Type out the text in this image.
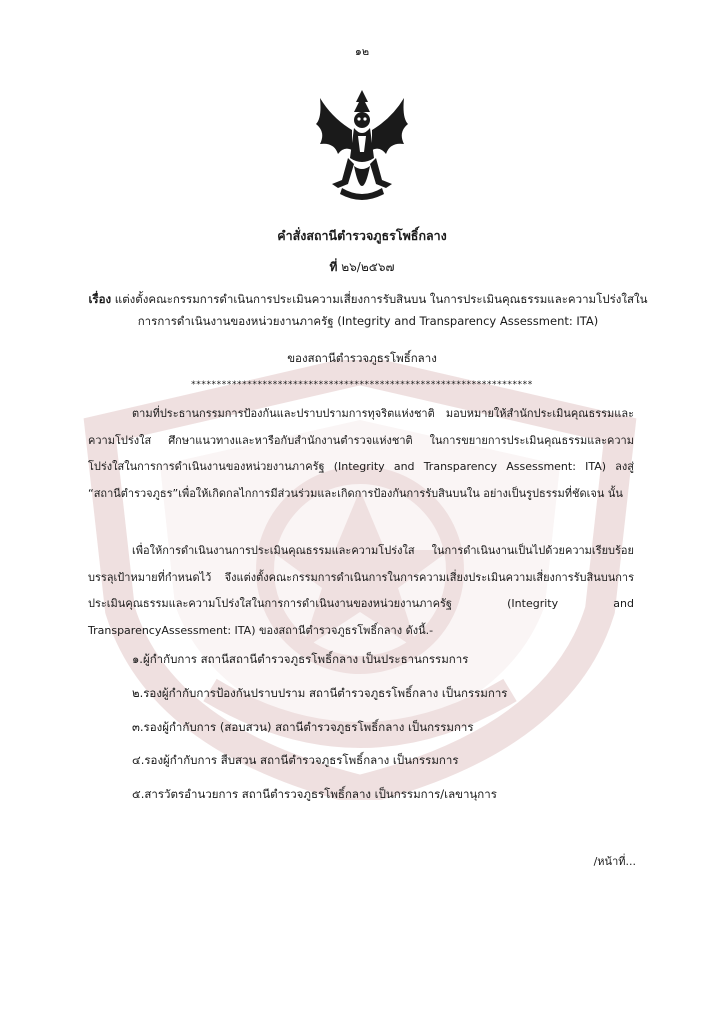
๑๒
คำสั่งสถานีตำรวจภูธรโพธิ์กลาง
ที่ ๒๖/๒๕๖๗
เรื่อง แต่งตั้งคณะกรรมการดำเนินการประเมินความเสี่ยงการรับสินบน ในการประเมินคุณธรรมและความโปร่งใสในการการดำเนินงานของหน่วยงานภาครัฐ (Integrity and Transparency Assessment: ITA)
ของสถานีตำรวจภูธรโพธิ์กลาง
*******************************************************************
ตามที่ประธานกรรมการป้องกันและปราบปรามการทุจริตแห่งชาติ มอบหมายให้สำนักประเมินคุณธรรมและความโปร่งใส ศึกษาแนวทางและหารือกับสำนักงานตำรวจแห่งชาติ ในการขยายการประเมินคุณธรรมและความโปร่งใสในการการดำเนินงานของหน่วยงานภาครัฐ (Integrity and Transparency Assessment: ITA) ลงสู่ “สถานีตำรวจภูธร”เพื่อให้เกิดกลไกการมีส่วนร่วมและเกิดการป้องกันการรับสินบนใน อย่างเป็นรูปธรรมที่ชัดเจน นั้น
เพื่อให้การดำเนินงานการประเมินคุณธรรมและความโปร่งใส ในการดำเนินงานเป็นไปด้วยความเรียบร้อยบรรลุเป้าหมายที่กำหนดไว้ จึงแต่งตั้งคณะกรรมการดำเนินการในการความเสี่ยงประเมินความเสี่ยงการรับสินบนการประเมินคุณธรรมและความโปร่งใสในการการดำเนินงานของหน่วยงานภาครัฐ (Integrity and TransparencyAssessment: ITA) ของสถานีตำรวจภูธรโพธิ์กลาง ดังนี้.-
๑.ผู้กำกับการ สถานีสถานีตำรวจภูธรโพธิ์กลาง เป็นประธานกรรมการ
๒.รองผู้กำกับการป้องกันปราบปราม สถานีตำรวจภูธรโพธิ์กลาง เป็นกรรมการ
๓.รองผู้กำกับการ (สอบสวน) สถานีตำรวจภูธรโพธิ์กลาง เป็นกรรมการ
๔.รองผู้กำกับการ สืบสวน สถานีตำรวจภูธรโพธิ์กลาง เป็นกรรมการ
๕.สารวัตรอำนวยการ สถานีตำรวจภูธรโพธิ์กลาง เป็นกรรมการ/เลขานุการ
/หน้าที่...
